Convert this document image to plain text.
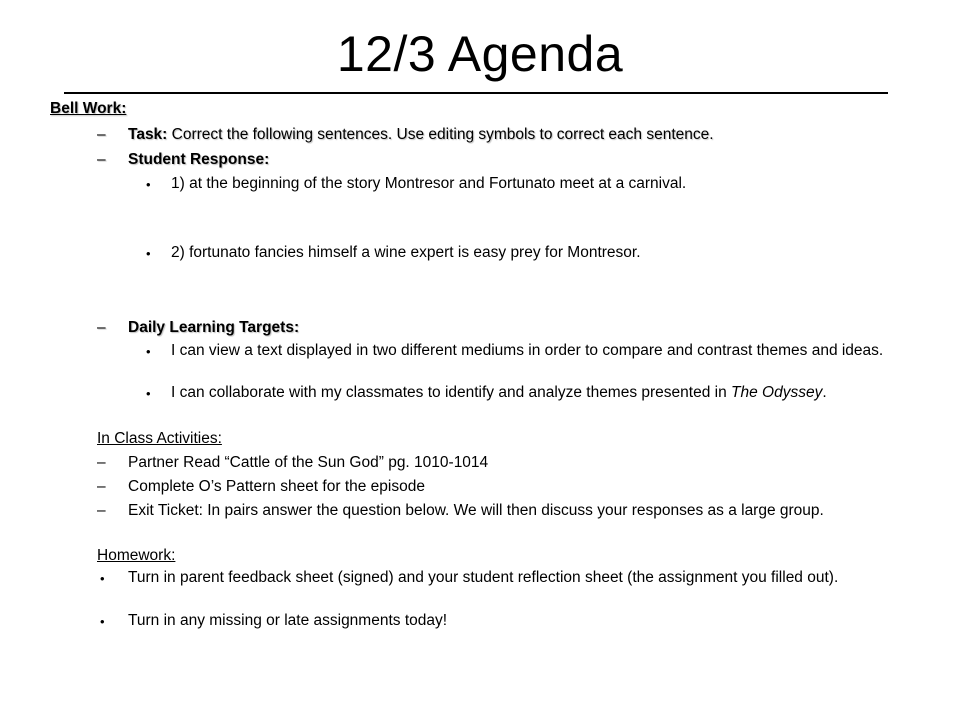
12/3 Agenda
Bell Work:
– Task: Correct the following sentences. Use editing symbols to correct each sentence.
– Student Response:
• 1) at the beginning of the story Montresor and Fortunato meet at a carnival.
• 2) fortunato fancies himself a wine expert is easy prey for Montresor.
– Daily Learning Targets:
• I can view a text displayed in two different mediums in order to compare and contrast themes and ideas.
• I can collaborate with my classmates to identify and analyze themes presented in The Odyssey.
In Class Activities:
– Partner Read “Cattle of the Sun God” pg. 1010-1014
– Complete O’s Pattern sheet for the episode
– Exit Ticket: In pairs answer the question below. We will then discuss your responses as a large group.
Homework:
• Turn in parent feedback sheet (signed) and your student reflection sheet (the assignment you filled out).
• Turn in any missing or late assignments today!
